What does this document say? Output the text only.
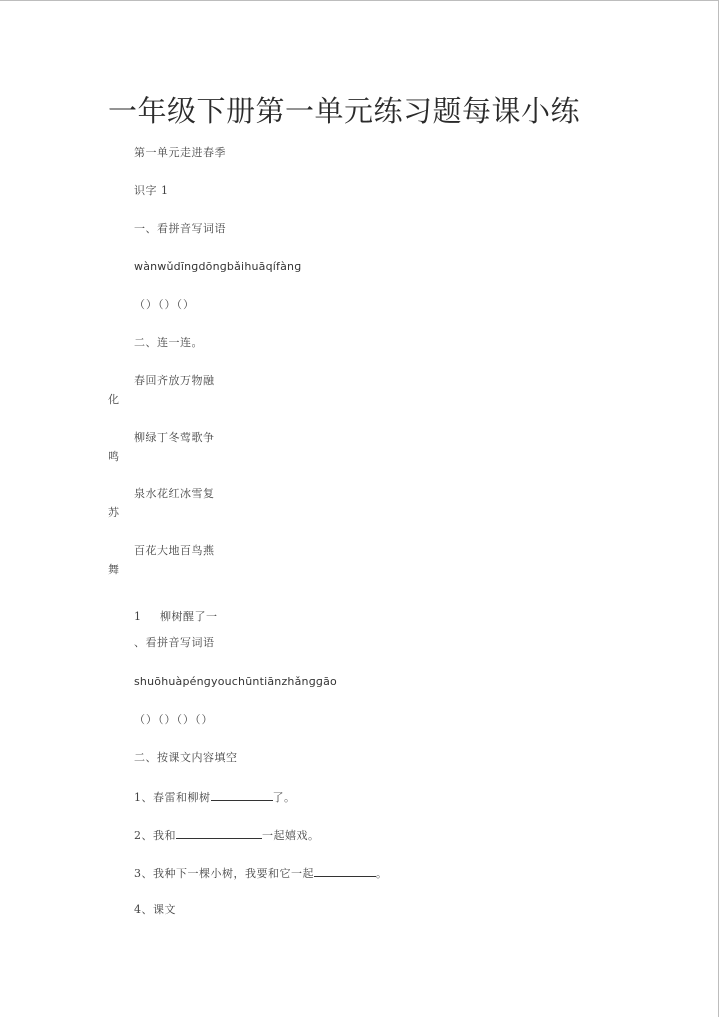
一年级下册第一单元练习题每课小练
第一单元走进春季
识字 1
一、看拼音写词语
wànwǔdīnɡdōnɡbǎihuāqífànɡ
（）（）（）
二、连一连。
春回齐放万物融
化
柳绿丁冬莺歌争
鸣
泉水花红冰雪复
苏
百花大地百鸟燕
舞
1 柳树醒了一
、看拼音写词语
shuōhuàpénɡyouchūntiānzhǎnɡɡāo
（）（）（）（）
二、按课文内容填空
1、春雷和柳树	了。
2、我和	一起嬉戏。
3、我种下一棵小树，我要和它一起	。
4、课文
